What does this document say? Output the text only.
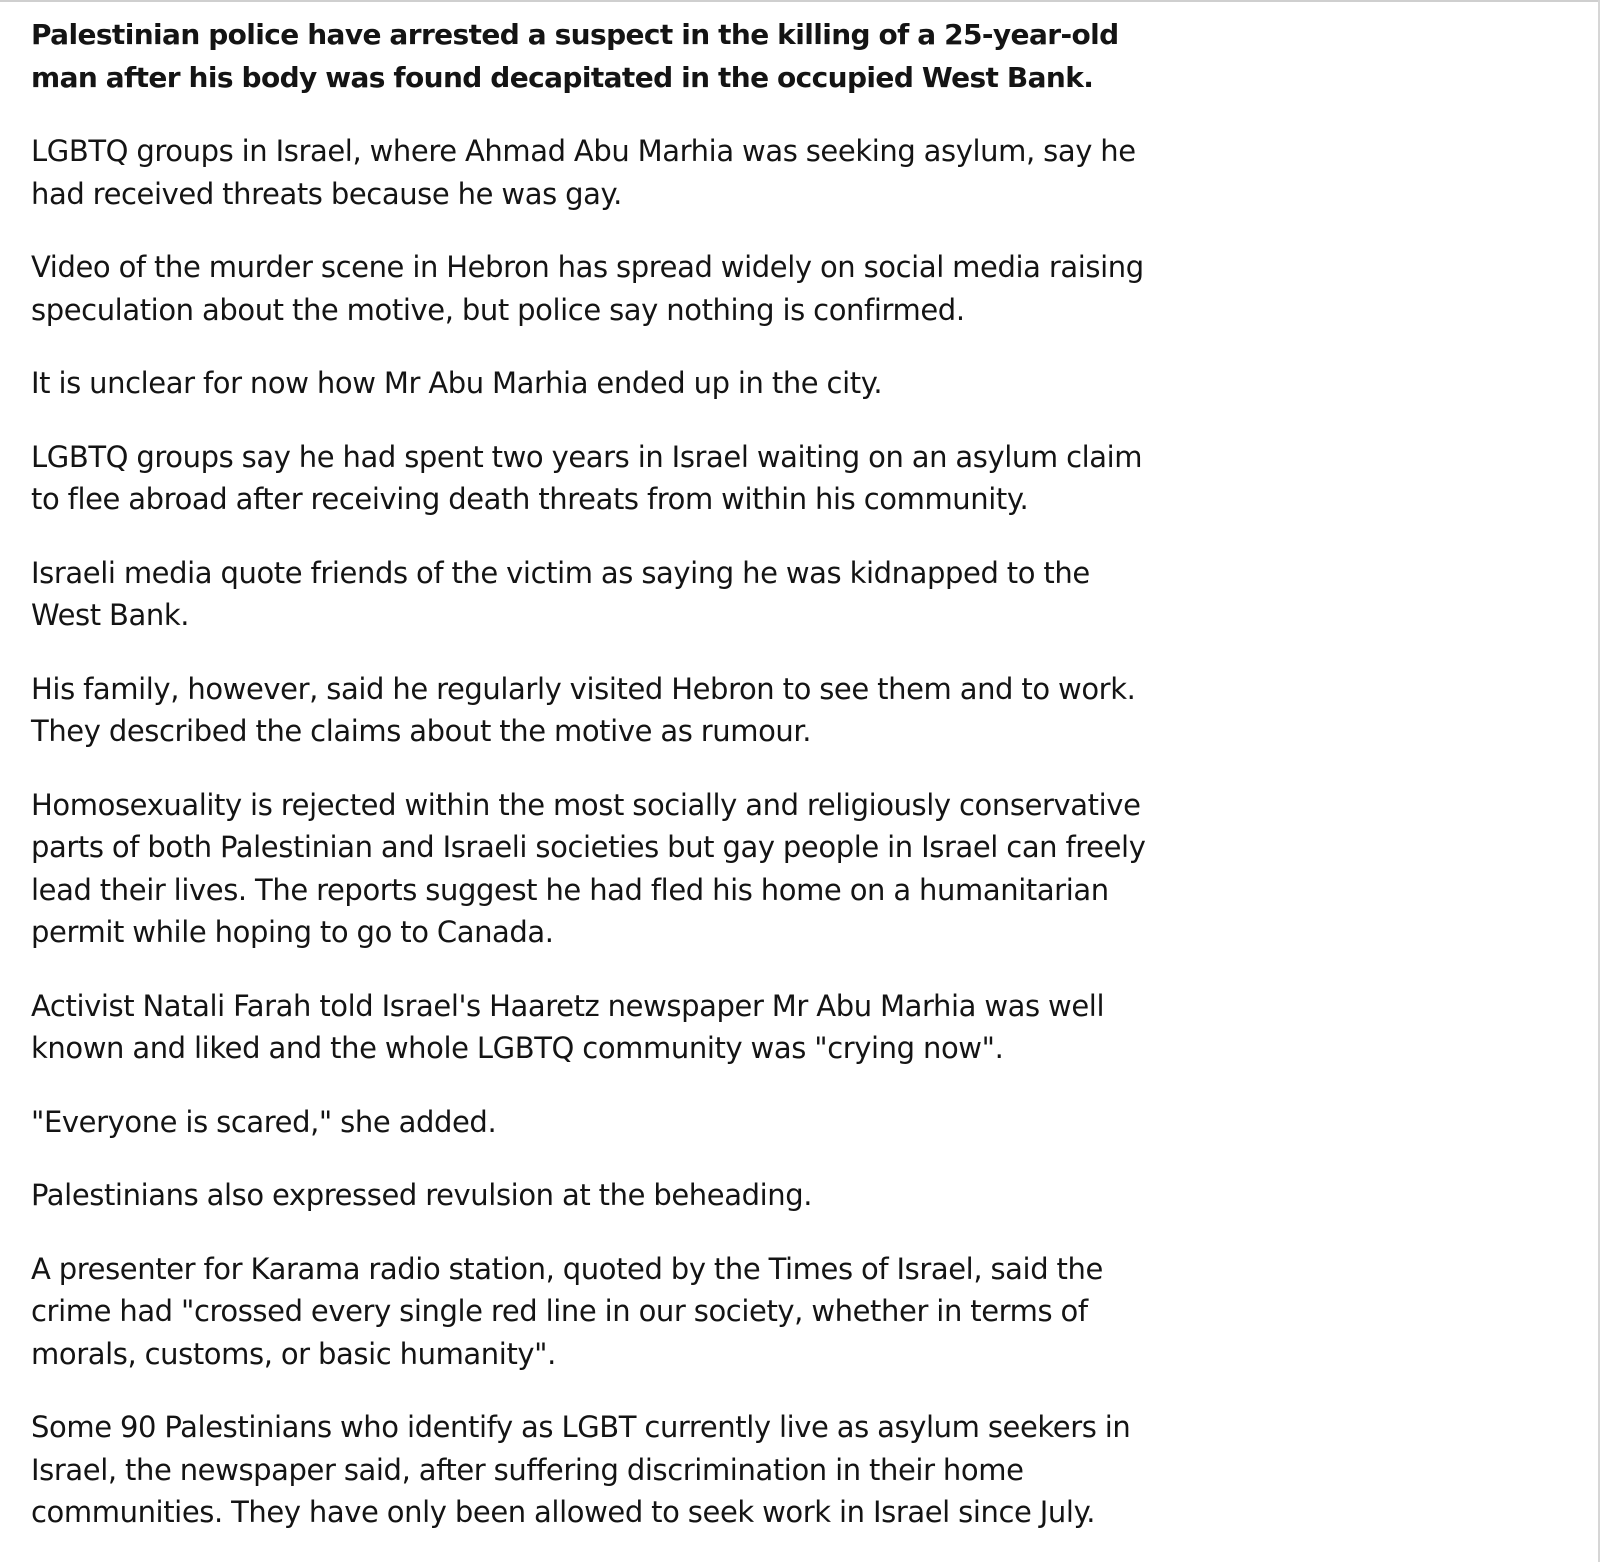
Palestinian police have arrested a suspect in the killing of a 25-year-old man after his body was found decapitated in the occupied West Bank.

LGBTQ groups in Israel, where Ahmad Abu Marhia was seeking asylum, say he had received threats because he was gay.

Video of the murder scene in Hebron has spread widely on social media raising speculation about the motive, but police say nothing is confirmed.

It is unclear for now how Mr Abu Marhia ended up in the city.

LGBTQ groups say he had spent two years in Israel waiting on an asylum claim to flee abroad after receiving death threats from within his community.

Israeli media quote friends of the victim as saying he was kidnapped to the West Bank.

His family, however, said he regularly visited Hebron to see them and to work. They described the claims about the motive as rumour.

Homosexuality is rejected within the most socially and religiously conservative parts of both Palestinian and Israeli societies but gay people in Israel can freely lead their lives. The reports suggest he had fled his home on a humanitarian permit while hoping to go to Canada.

Activist Natali Farah told Israel's Haaretz newspaper Mr Abu Marhia was well known and liked and the whole LGBTQ community was "crying now".

"Everyone is scared," she added.

Palestinians also expressed revulsion at the beheading.

A presenter for Karama radio station, quoted by the Times of Israel, said the crime had "crossed every single red line in our society, whether in terms of morals, customs, or basic humanity".

Some 90 Palestinians who identify as LGBT currently live as asylum seekers in Israel, the newspaper said, after suffering discrimination in their home communities. They have only been allowed to seek work in Israel since July.
